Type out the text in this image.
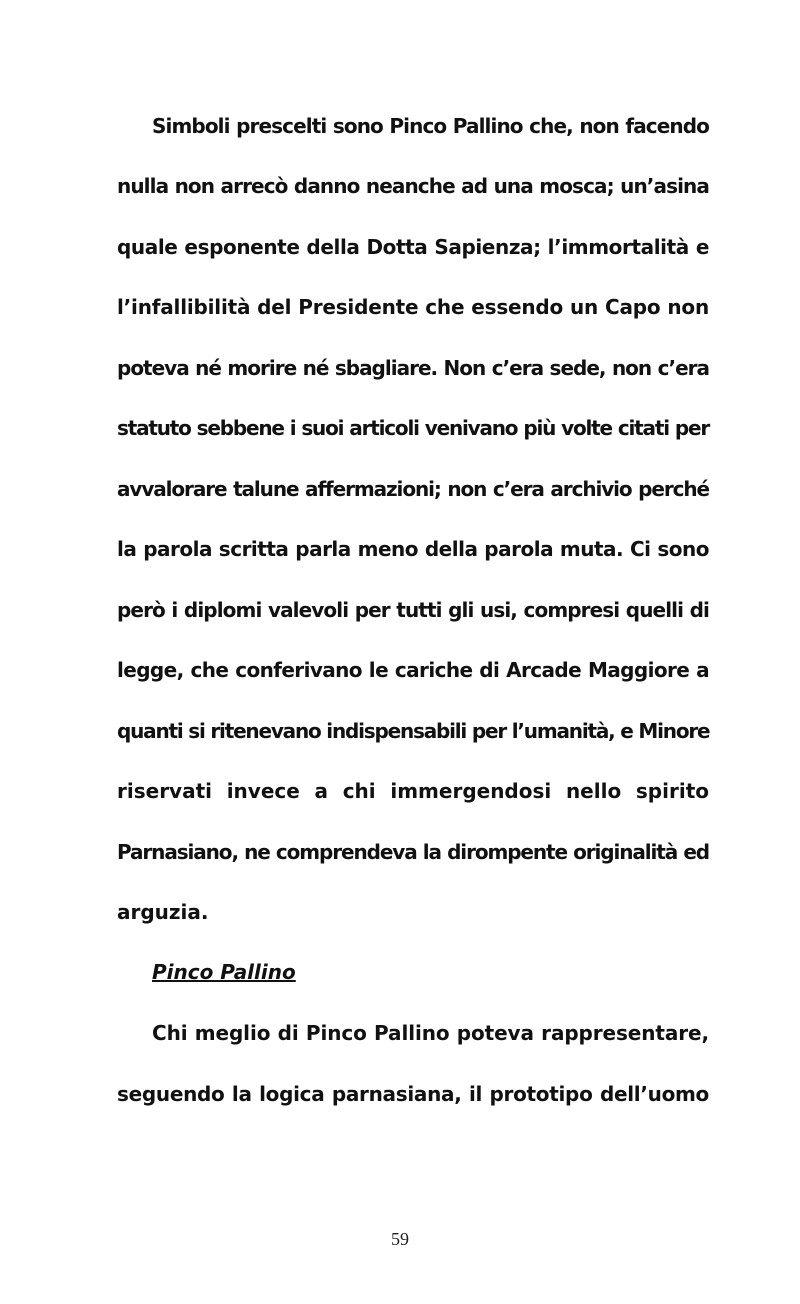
Simboli prescelti sono Pinco Pallino che, non facendo
nulla non arrecò danno neanche ad una mosca; un’asina
quale esponente della Dotta Sapienza; l’immortalità e
l’infallibilità del Presidente che essendo un Capo non
poteva né morire né sbagliare. Non c’era sede, non c’era
statuto sebbene i suoi articoli venivano più volte citati per
avvalorare talune affermazioni; non c’era archivio perché
la parola scritta parla meno della parola muta. Ci sono
però i diplomi valevoli per tutti gli usi, compresi quelli di
legge, che conferivano le cariche di Arcade Maggiore a
quanti si ritenevano indispensabili per l’umanità, e Minore
riservati invece a chi immergendosi nello spirito
Parnasiano, ne comprendeva la dirompente originalità ed
arguzia.
Pinco Pallino
Chi meglio di Pinco Pallino poteva rappresentare,
seguendo la logica parnasiana, il prototipo dell’uomo
59
